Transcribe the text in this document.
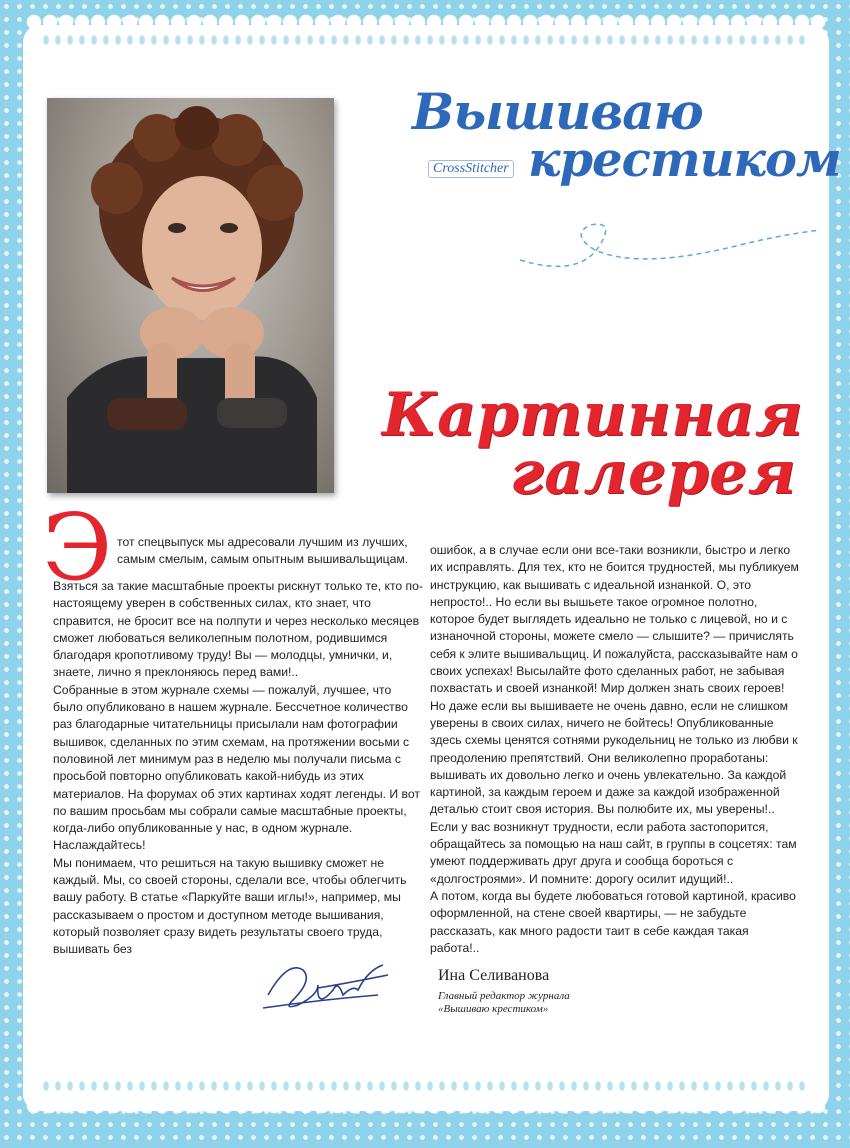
Вышиваю
CrossStitcher крестиком
Картинная
галерея
Э тот спецвыпуск мы адресовали лучшим из лучших, самым смелым, самым опытным вышивальщицам.

Взяться за такие масштабные проекты рискнут только те, кто по-настоящему уверен в собственных силах, кто знает, что справится, не бросит все на полпути и через несколько месяцев сможет любоваться великолепным полотном, родившимся благодаря кропотливому труду! Вы — молодцы, умнички, и, знаете, лично я преклоняюсь перед вами!..

Собранные в этом журнале схемы — пожалуй, лучшее, что было опубликовано в нашем журнале. Бессчетное количество раз благодарные читательницы присылали нам фотографии вышивок, сделанных по этим схемам, на протяжении восьми с половиной лет минимум раз в неделю мы получали письма с просьбой повторно опубликовать какой-нибудь из этих материалов. На форумах об этих картинах ходят легенды. И вот по вашим просьбам мы собрали самые масштабные проекты, когда-либо опубликованные у нас, в одном журнале. Наслаждайтесь!

Мы понимаем, что решиться на такую вышивку сможет не каждый. Мы, со своей стороны, сделали все, чтобы облегчить вашу работу. В статье «Паркуйте ваши иглы!», например, мы рассказываем о простом и доступном методе вышивания, который позволяет сразу видеть результаты своего труда, вышивать без

ошибок, а в случае если они все-таки возникли, быстро и легко их исправлять. Для тех, кто не боится трудностей, мы публикуем инструкцию, как вышивать с идеальной изнанкой. О, это непросто!.. Но если вы вышьете такое огромное полотно, которое будет выглядеть идеально не только с лицевой, но и с изнаночной стороны, можете смело — слышите? — причислять себя к элите вышивальщиц. И пожалуйста, рассказывайте нам о своих успехах! Высылайте фото сделанных работ, не забывая похвастать и своей изнанкой! Мир должен знать своих героев!

Но даже если вы вышиваете не очень давно, если не слишком уверены в своих силах, ничего не бойтесь! Опубликованные здесь схемы ценятся сотнями рукодельниц не только из любви к преодолению препятствий. Они великолепно проработаны: вышивать их довольно легко и очень увлекательно. За каждой картиной, за каждым героем и даже за каждой изображенной деталью стоит своя история. Вы полюбите их, мы уверены!..

Если у вас возникнут трудности, если работа застопорится, обращайтесь за помощью на наш сайт, в группы в соцсетях: там умеют поддерживать друг друга и сообща бороться с «долгостроями». И помните: дорогу осилит идущий!..

А потом, когда вы будете любоваться готовой картиной, красиво оформленной, на стене своей квартиры, — не забудьте рассказать, как много радости таит в себе каждая такая работа!..

Ина Селиванова
Главный редактор журнала
«Вышиваю крестиком»
